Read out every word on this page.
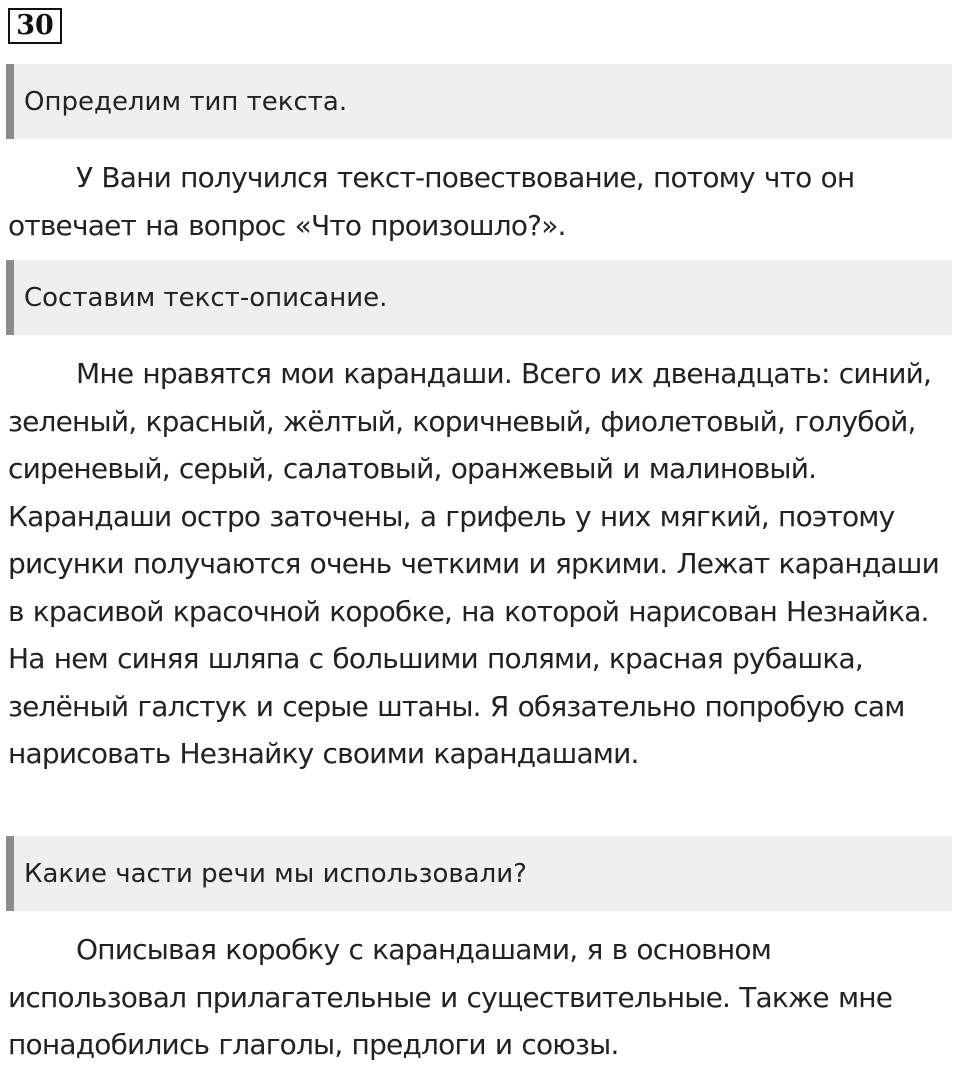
30
Определим тип текста.

У Вани получился текст-повествование, потому что он отвечает на вопрос «Что произошло?».

Составим текст-описание.

Мне нравятся мои карандаши. Всего их двенадцать: синий, зеленый, красный, жёлтый, коричневый, фиолетовый, голубой, сиреневый, серый, салатовый, оранжевый и малиновый. Карандаши остро заточены, а грифель у них мягкий, поэтому рисунки получаются очень четкими и яркими. Лежат карандаши в красивой красочной коробке, на которой нарисован Незнайка. На нем синяя шляпа с большими полями, красная рубашка, зелёный галстук и серые штаны. Я обязательно попробую сам нарисовать Незнайку своими карандашами.

Какие части речи мы использовали?

Описывая коробку с карандашами, я в основном использовал прилагательные и существительные. Также мне понадобились глаголы, предлоги и союзы.
